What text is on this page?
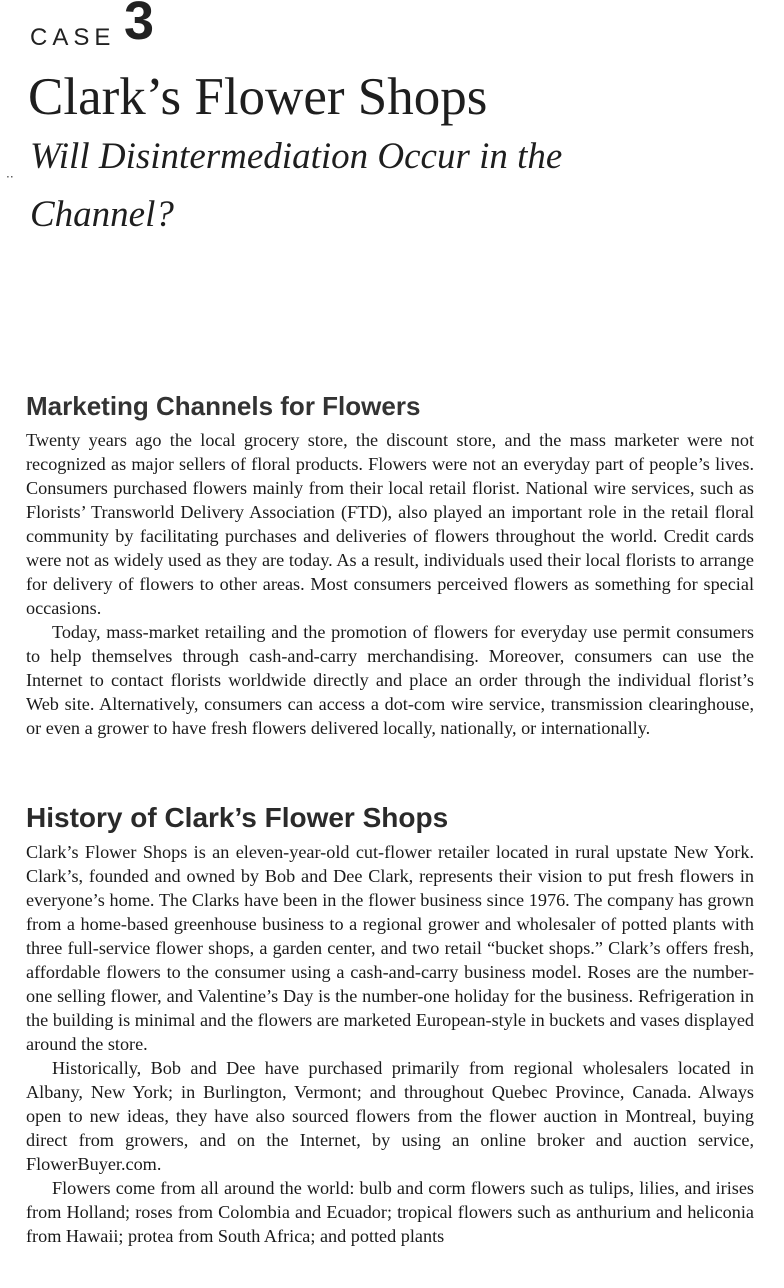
CASE 3
Clark’s Flower Shops
⋅⋅ Will Disintermediation Occur in the Channel?

Marketing Channels for Flowers

Twenty years ago the local grocery store, the discount store, and the mass marketer were not recognized as major sellers of floral products. Flowers were not an everyday part of people’s lives. Consumers purchased flowers mainly from their local retail florist. National wire services, such as Florists’ Transworld Delivery Association (FTD), also played an important role in the retail floral community by facilitating purchases and deliveries of flowers throughout the world. Credit cards were not as widely used as they are today. As a result, individuals used their local florists to arrange for delivery of flowers to other areas. Most consumers perceived flowers as something for special occasions.

Today, mass-market retailing and the promotion of flowers for everyday use permit consumers to help themselves through cash-and-carry merchandising. Moreover, consumers can use the Internet to contact florists worldwide directly and place an order through the individual florist’s Web site. Alternatively, consumers can access a dot-com wire service, transmission clearinghouse, or even a grower to have fresh flowers delivered locally, nationally, or internationally.

History of Clark’s Flower Shops

Clark’s Flower Shops is an eleven-year-old cut-flower retailer located in rural upstate New York. Clark’s, founded and owned by Bob and Dee Clark, represents their vision to put fresh flowers in everyone’s home. The Clarks have been in the flower business since 1976. The company has grown from a home-based greenhouse business to a regional grower and wholesaler of potted plants with three full-service flower shops, a garden center, and two retail “bucket shops.” Clark’s offers fresh, affordable flowers to the consumer using a cash-and-carry business model. Roses are the number-one selling flower, and Valentine’s Day is the number-one holiday for the business. Refrigeration in the building is minimal and the flowers are marketed European-style in buckets and vases displayed around the store.

Historically, Bob and Dee have purchased primarily from regional wholesalers located in Albany, New York; in Burlington, Vermont; and throughout Quebec Province, Canada. Always open to new ideas, they have also sourced flowers from the flower auction in Montreal, buying direct from growers, and on the Internet, by using an online broker and auction service, FlowerBuyer.com.

Flowers come from all around the world: bulb and corm flowers such as tulips, lilies, and irises from Holland; roses from Colombia and Ecuador; tropical flowers such as anthurium and heliconia from Hawaii; protea from South Africa; and potted plants
